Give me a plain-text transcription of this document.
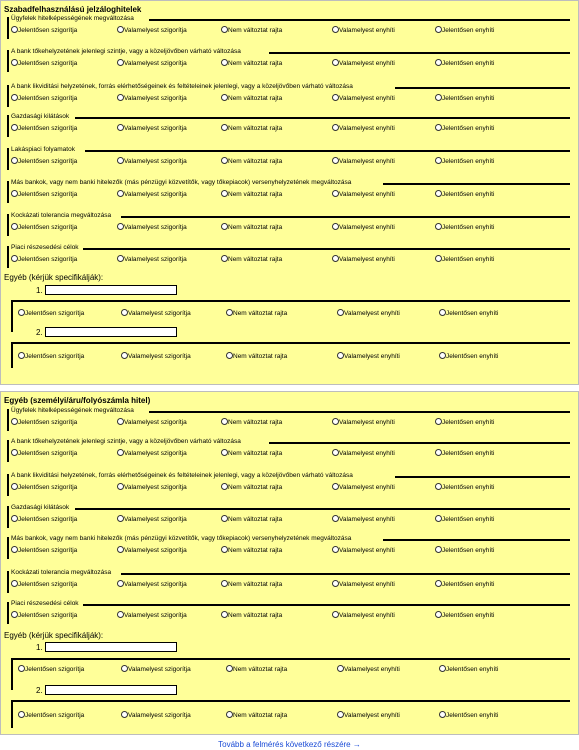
Szabadfelhasználású jelzáloghitelek
Ügyfelek hitelképességének megváltozása
Jelentősen szigorítja	Valamelyest szigorítja	Nem változtat rajta	Valamelyest enyhíti	Jelentősen enyhíti
A bank tőkehelyzetének jelenlegi szintje, vagy a közeljövőben várható változása
Jelentősen szigorítja	Valamelyest szigorítja	Nem változtat rajta	Valamelyest enyhíti	Jelentősen enyhíti
A bank likviditási helyzetének, forrás elérhetőségeinek és feltételeinek jelenlegi, vagy a közeljövőben várható változása
Jelentősen szigorítja	Valamelyest szigorítja	Nem változtat rajta	Valamelyest enyhíti	Jelentősen enyhíti
Gazdasági kilátások
Jelentősen szigorítja	Valamelyest szigorítja	Nem változtat rajta	Valamelyest enyhíti	Jelentősen enyhíti
Lakáspiaci folyamatok
Jelentősen szigorítja	Valamelyest szigorítja	Nem változtat rajta	Valamelyest enyhíti	Jelentősen enyhíti
Más bankok, vagy nem banki hitelezők (más pénzügyi közvetítők, vagy tőkepiacok) versenyhelyzetének megváltozása
Jelentősen szigorítja	Valamelyest szigorítja	Nem változtat rajta	Valamelyest enyhíti	Jelentősen enyhíti
Kockázati tolerancia megváltozása
Jelentősen szigorítja	Valamelyest szigorítja	Nem változtat rajta	Valamelyest enyhíti	Jelentősen enyhíti
Piaci részesedési célok
Jelentősen szigorítja	Valamelyest szigorítja	Nem változtat rajta	Valamelyest enyhíti	Jelentősen enyhíti
Egyéb (kérjük specifikálják):
1.
Jelentősen szigorítja	Valamelyest szigorítja	Nem változtat rajta	Valamelyest enyhíti	Jelentősen enyhíti
2.
Jelentősen szigorítja	Valamelyest szigorítja	Nem változtat rajta	Valamelyest enyhíti	Jelentősen enyhíti
Egyéb (személyi/áru/folyószámla hitel)
Ügyfelek hitelképességének megváltozása
Jelentősen szigorítja	Valamelyest szigorítja	Nem változtat rajta	Valamelyest enyhíti	Jelentősen enyhíti
A bank tőkehelyzetének jelenlegi szintje, vagy a közeljövőben várható változása
Jelentősen szigorítja	Valamelyest szigorítja	Nem változtat rajta	Valamelyest enyhíti	Jelentősen enyhíti
A bank likviditási helyzetének, forrás elérhetőségeinek és feltételeinek jelenlegi, vagy a közeljövőben várható változása
Jelentősen szigorítja	Valamelyest szigorítja	Nem változtat rajta	Valamelyest enyhíti	Jelentősen enyhíti
Gazdasági kilátások
Jelentősen szigorítja	Valamelyest szigorítja	Nem változtat rajta	Valamelyest enyhíti	Jelentősen enyhíti
Más bankok, vagy nem banki hitelezők (más pénzügyi közvetítők, vagy tőkepiacok) versenyhelyzetének megváltozása
Jelentősen szigorítja	Valamelyest szigorítja	Nem változtat rajta	Valamelyest enyhíti	Jelentősen enyhíti
Kockázati tolerancia megváltozása
Jelentősen szigorítja	Valamelyest szigorítja	Nem változtat rajta	Valamelyest enyhíti	Jelentősen enyhíti
Piaci részesedési célok
Jelentősen szigorítja	Valamelyest szigorítja	Nem változtat rajta	Valamelyest enyhíti	Jelentősen enyhíti
Egyéb (kérjük specifikálják):
1.
Jelentősen szigorítja	Valamelyest szigorítja	Nem változtat rajta	Valamelyest enyhíti	Jelentősen enyhíti
2.
Jelentősen szigorítja	Valamelyest szigorítja	Nem változtat rajta	Valamelyest enyhíti	Jelentősen enyhíti
Tovább a felmérés következő részére →
